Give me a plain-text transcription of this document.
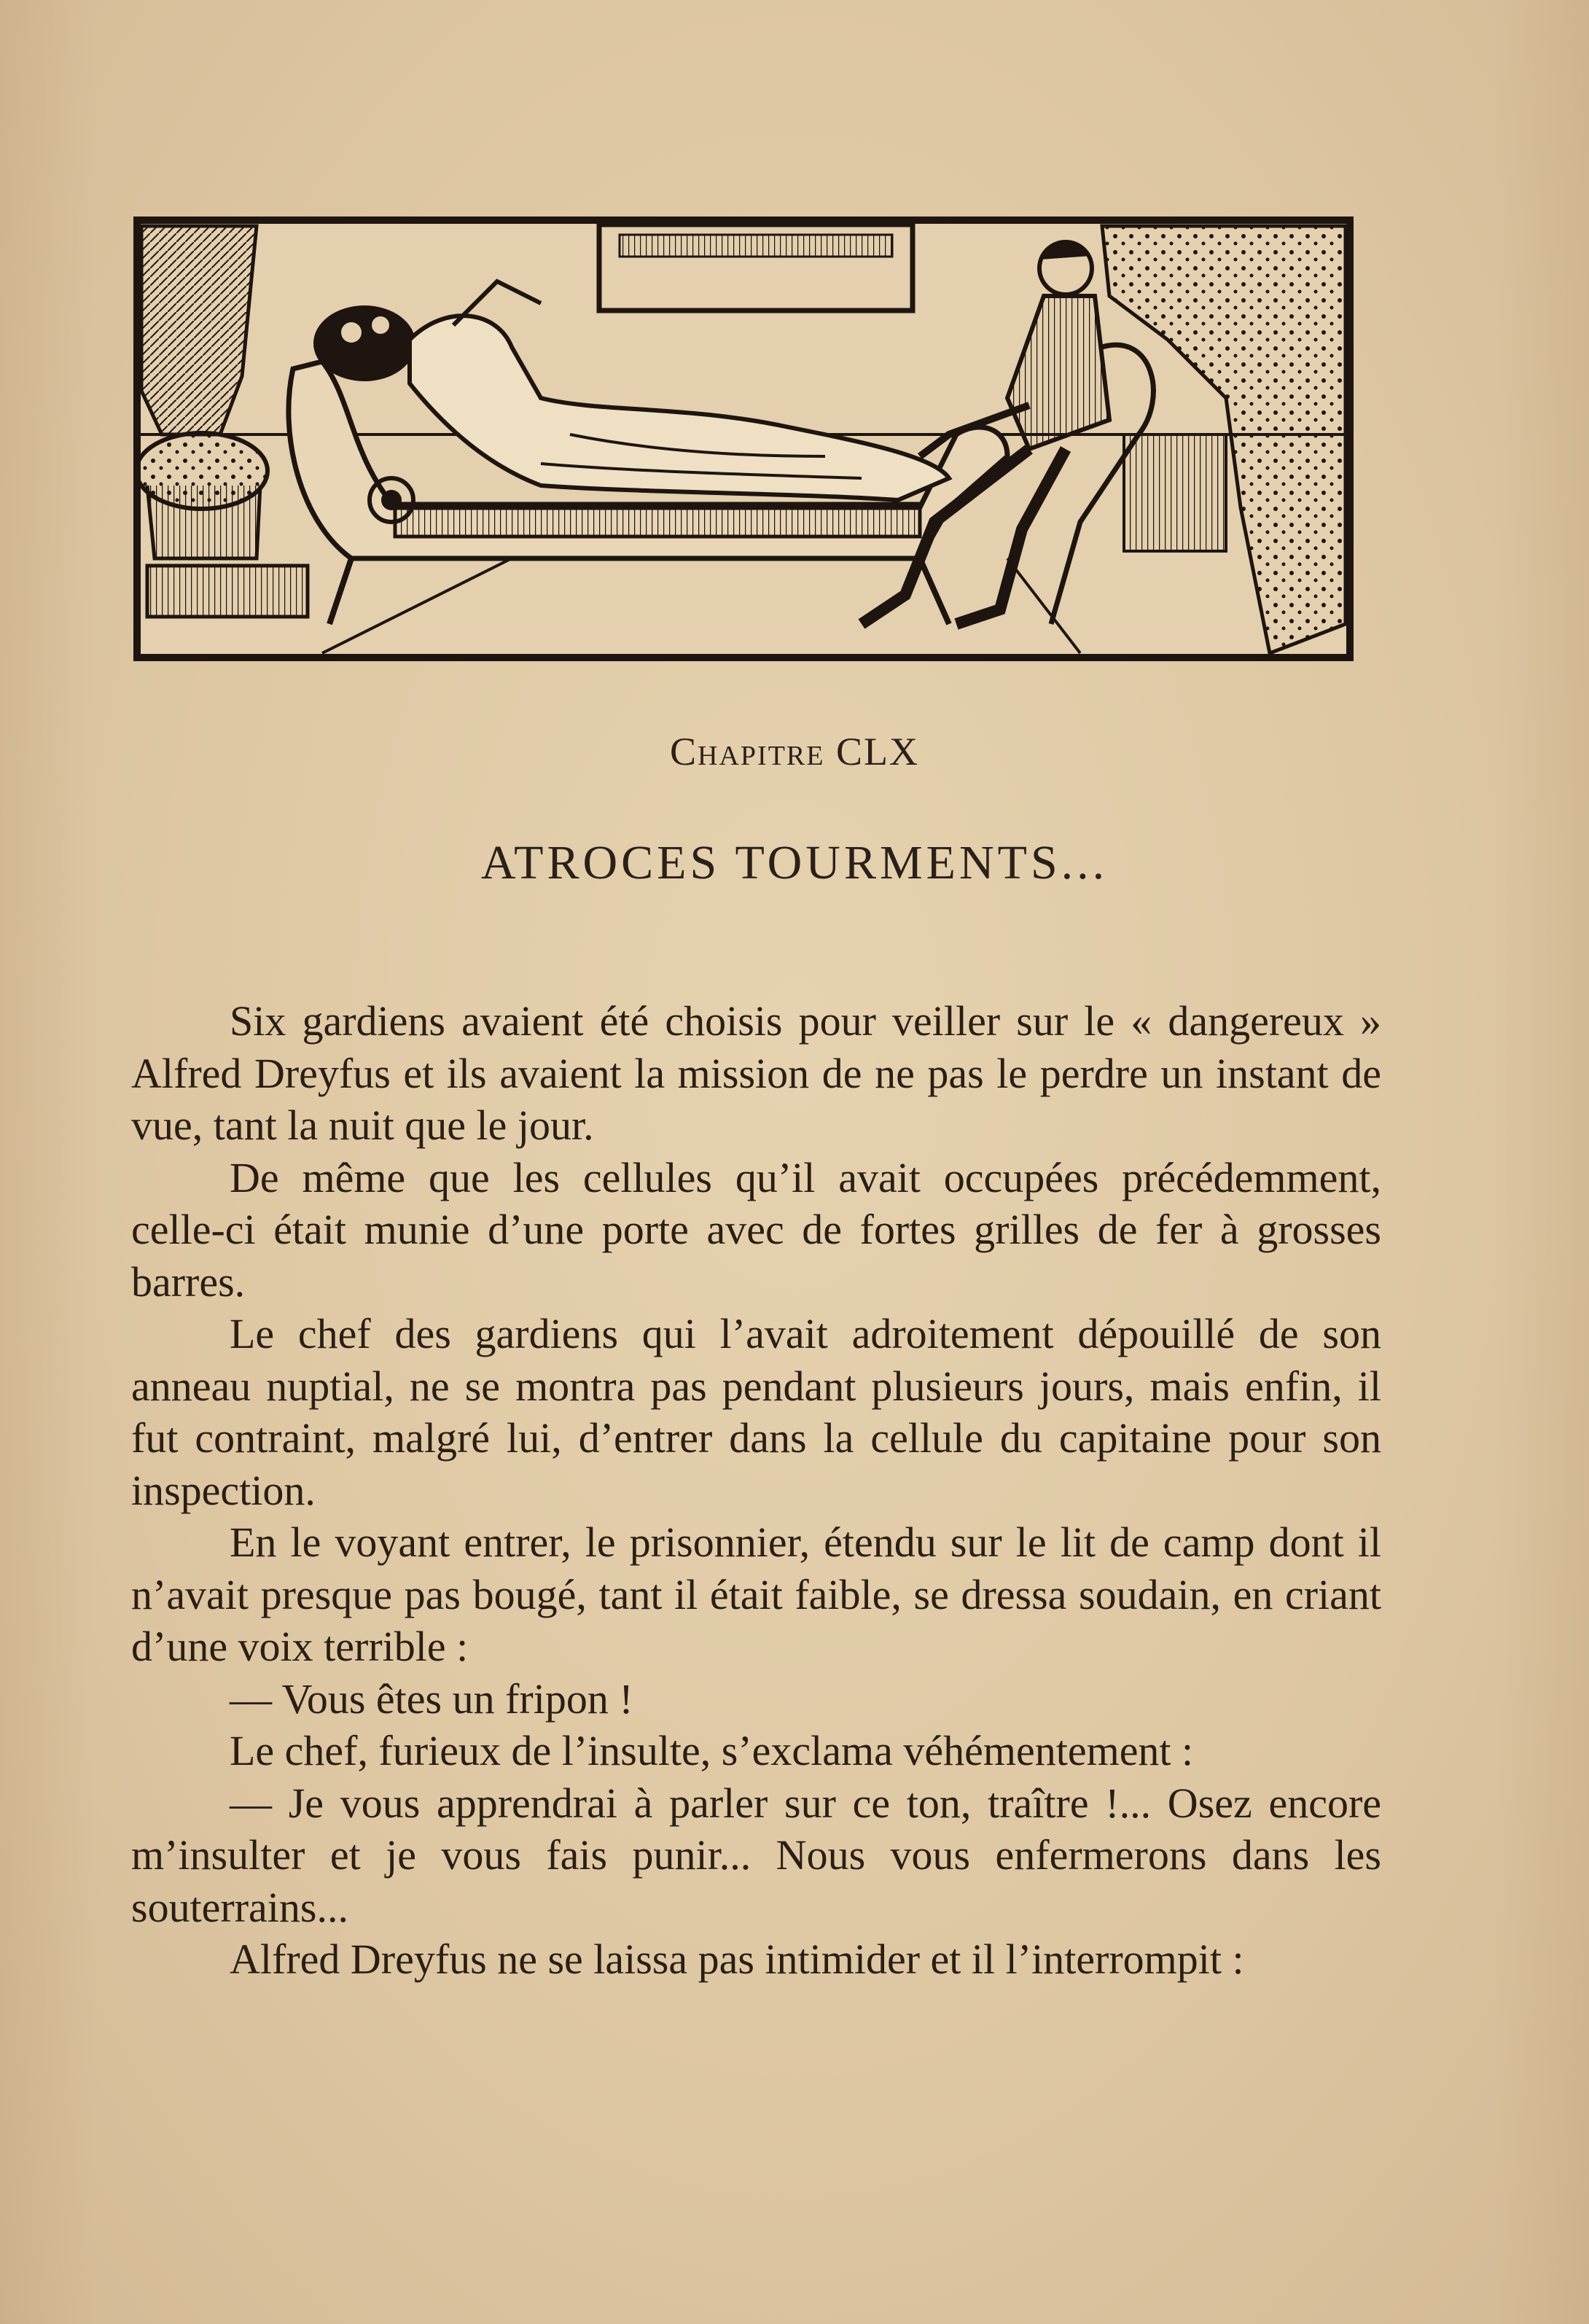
Chapitre CLX
ATROCES TOURMENTS...

Six gardiens avaient été choisis pour veiller sur le « dangereux » Alfred Dreyfus et ils avaient la mission de ne pas le perdre un instant de vue, tant la nuit que le jour.

De même que les cellules qu’il avait occupées précédemment, celle-ci était munie d’une porte avec de fortes grilles de fer à grosses barres.

Le chef des gardiens qui l’avait adroitement dépouillé de son anneau nuptial, ne se montra pas pendant plusieurs jours, mais enfin, il fut contraint, malgré lui, d’entrer dans la cellule du capitaine pour son inspection.

En le voyant entrer, le prisonnier, étendu sur le lit de camp dont il n’avait presque pas bougé, tant il était faible, se dressa soudain, en criant d’une voix terrible :

— Vous êtes un fripon !

Le chef, furieux de l’insulte, s’exclama véhémentement :

— Je vous apprendrai à parler sur ce ton, traître !... Osez encore m’insulter et je vous fais punir... Nous vous enfermerons dans les souterrains...

Alfred Dreyfus ne se laissa pas intimider et il l’interrompit :
